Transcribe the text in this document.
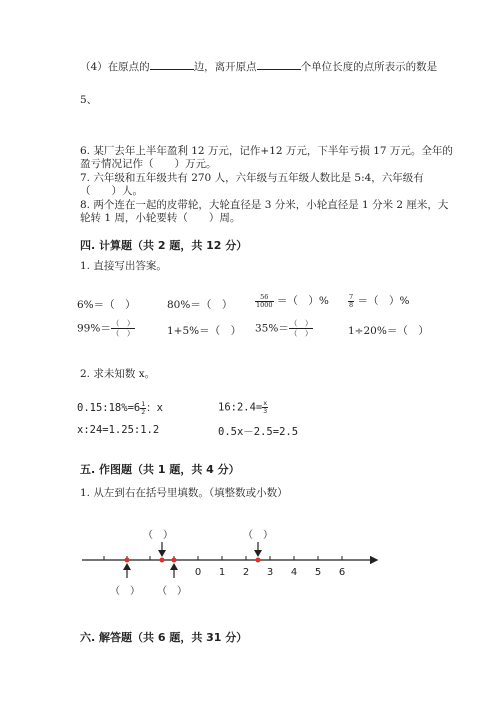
（4）在原点的	边，离开原点	个单位长度的点所表示的数是
5、
6. 某厂去年上半年盈利 12 万元，记作+12 万元，下半年亏损 17 万元。全年的
盈亏情况记作（　　）万元。
7. 六年级和五年级共有 270 人，六年级与五年级人数比是 5:4，六年级有
（　　）人。
8. 两个连在一起的皮带轮，大轮直径是 3 分米，小轮直径是 1 分米 2 厘米，大
轮转 1 周，小轮要转（　　）周。
四. 计算题（共 2 题，共 12 分）
1. 直接写出答案。
6%＝（　）	80%＝（　）	$\frac{56}{1000}$ ＝（　）%	$\frac{7}{8}$ ＝（　）%
$99\%= \frac{( )}{( )}$	1+5%＝（　） $35\%= \frac{( )}{( )}$	1÷20%＝（　）
2. 求未知数 x。
0.15:18%=6 $\frac{1}{2}$ ：x	16:2.4= $\frac{x}{3}$
x:24=1.25:1.2	0.5x－2.5=2.5
五. 作图题（共 1 题，共 4 分）
1. 从左到右在括号里填数。（填整数或小数）
0 1 2 3 4 5 6
（　）	（　）
（　） （　）
六. 解答题（共 6 题，共 31 分）
